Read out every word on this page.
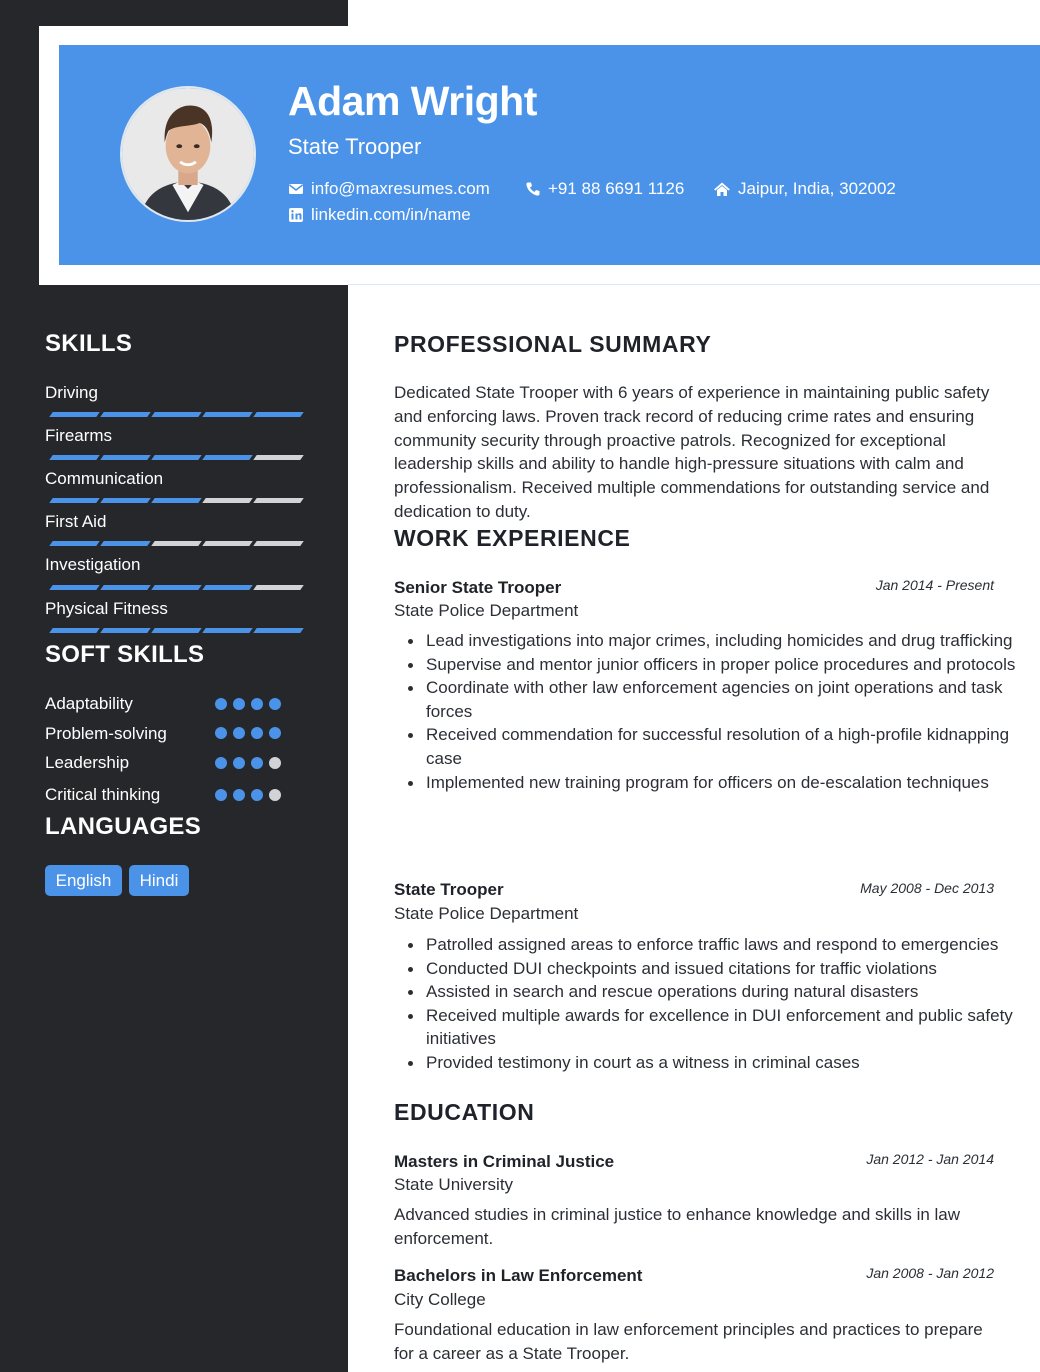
Adam Wright
State Trooper
info@maxresumes.com	+91 88 6691 1126	Jaipur, India, 302002
linkedin.com/in/name
SKILLS
Driving
Firearms
Communication
First Aid
Investigation
Physical Fitness
SOFT SKILLS
Adaptability
Problem-solving
Leadership
Critical thinking
LANGUAGES
English	Hindi
PROFESSIONAL SUMMARY

Dedicated State Trooper with 6 years of experience in maintaining public safety and enforcing laws. Proven track record of reducing crime rates and ensuring community security through proactive patrols. Recognized for exceptional leadership skills and ability to handle high-pressure situations with calm and professionalism. Received multiple commendations for outstanding service and dedication to duty.

WORK EXPERIENCE
Senior State Trooper	Jan 2014 - Present
State Police Department
Lead investigations into major crimes, including homicides and drug trafficking
Supervise and mentor junior officers in proper police procedures and protocols
Coordinate with other law enforcement agencies on joint operations and task forces
Received commendation for successful resolution of a high-profile kidnapping case
Implemented new training program for officers on de-escalation techniques
State Trooper	May 2008 - Dec 2013
State Police Department
Patrolled assigned areas to enforce traffic laws and respond to emergencies
Conducted DUI checkpoints and issued citations for traffic violations
Assisted in search and rescue operations during natural disasters
Received multiple awards for excellence in DUI enforcement and public safety initiatives
Provided testimony in court as a witness in criminal cases
EDUCATION
Masters in Criminal Justice	Jan 2012 - Jan 2014
State University

Advanced studies in criminal justice to enhance knowledge and skills in law enforcement.

Bachelors in Law Enforcement	Jan 2008 - Jan 2012
City College

Foundational education in law enforcement principles and practices to prepare for a career as a State Trooper.
